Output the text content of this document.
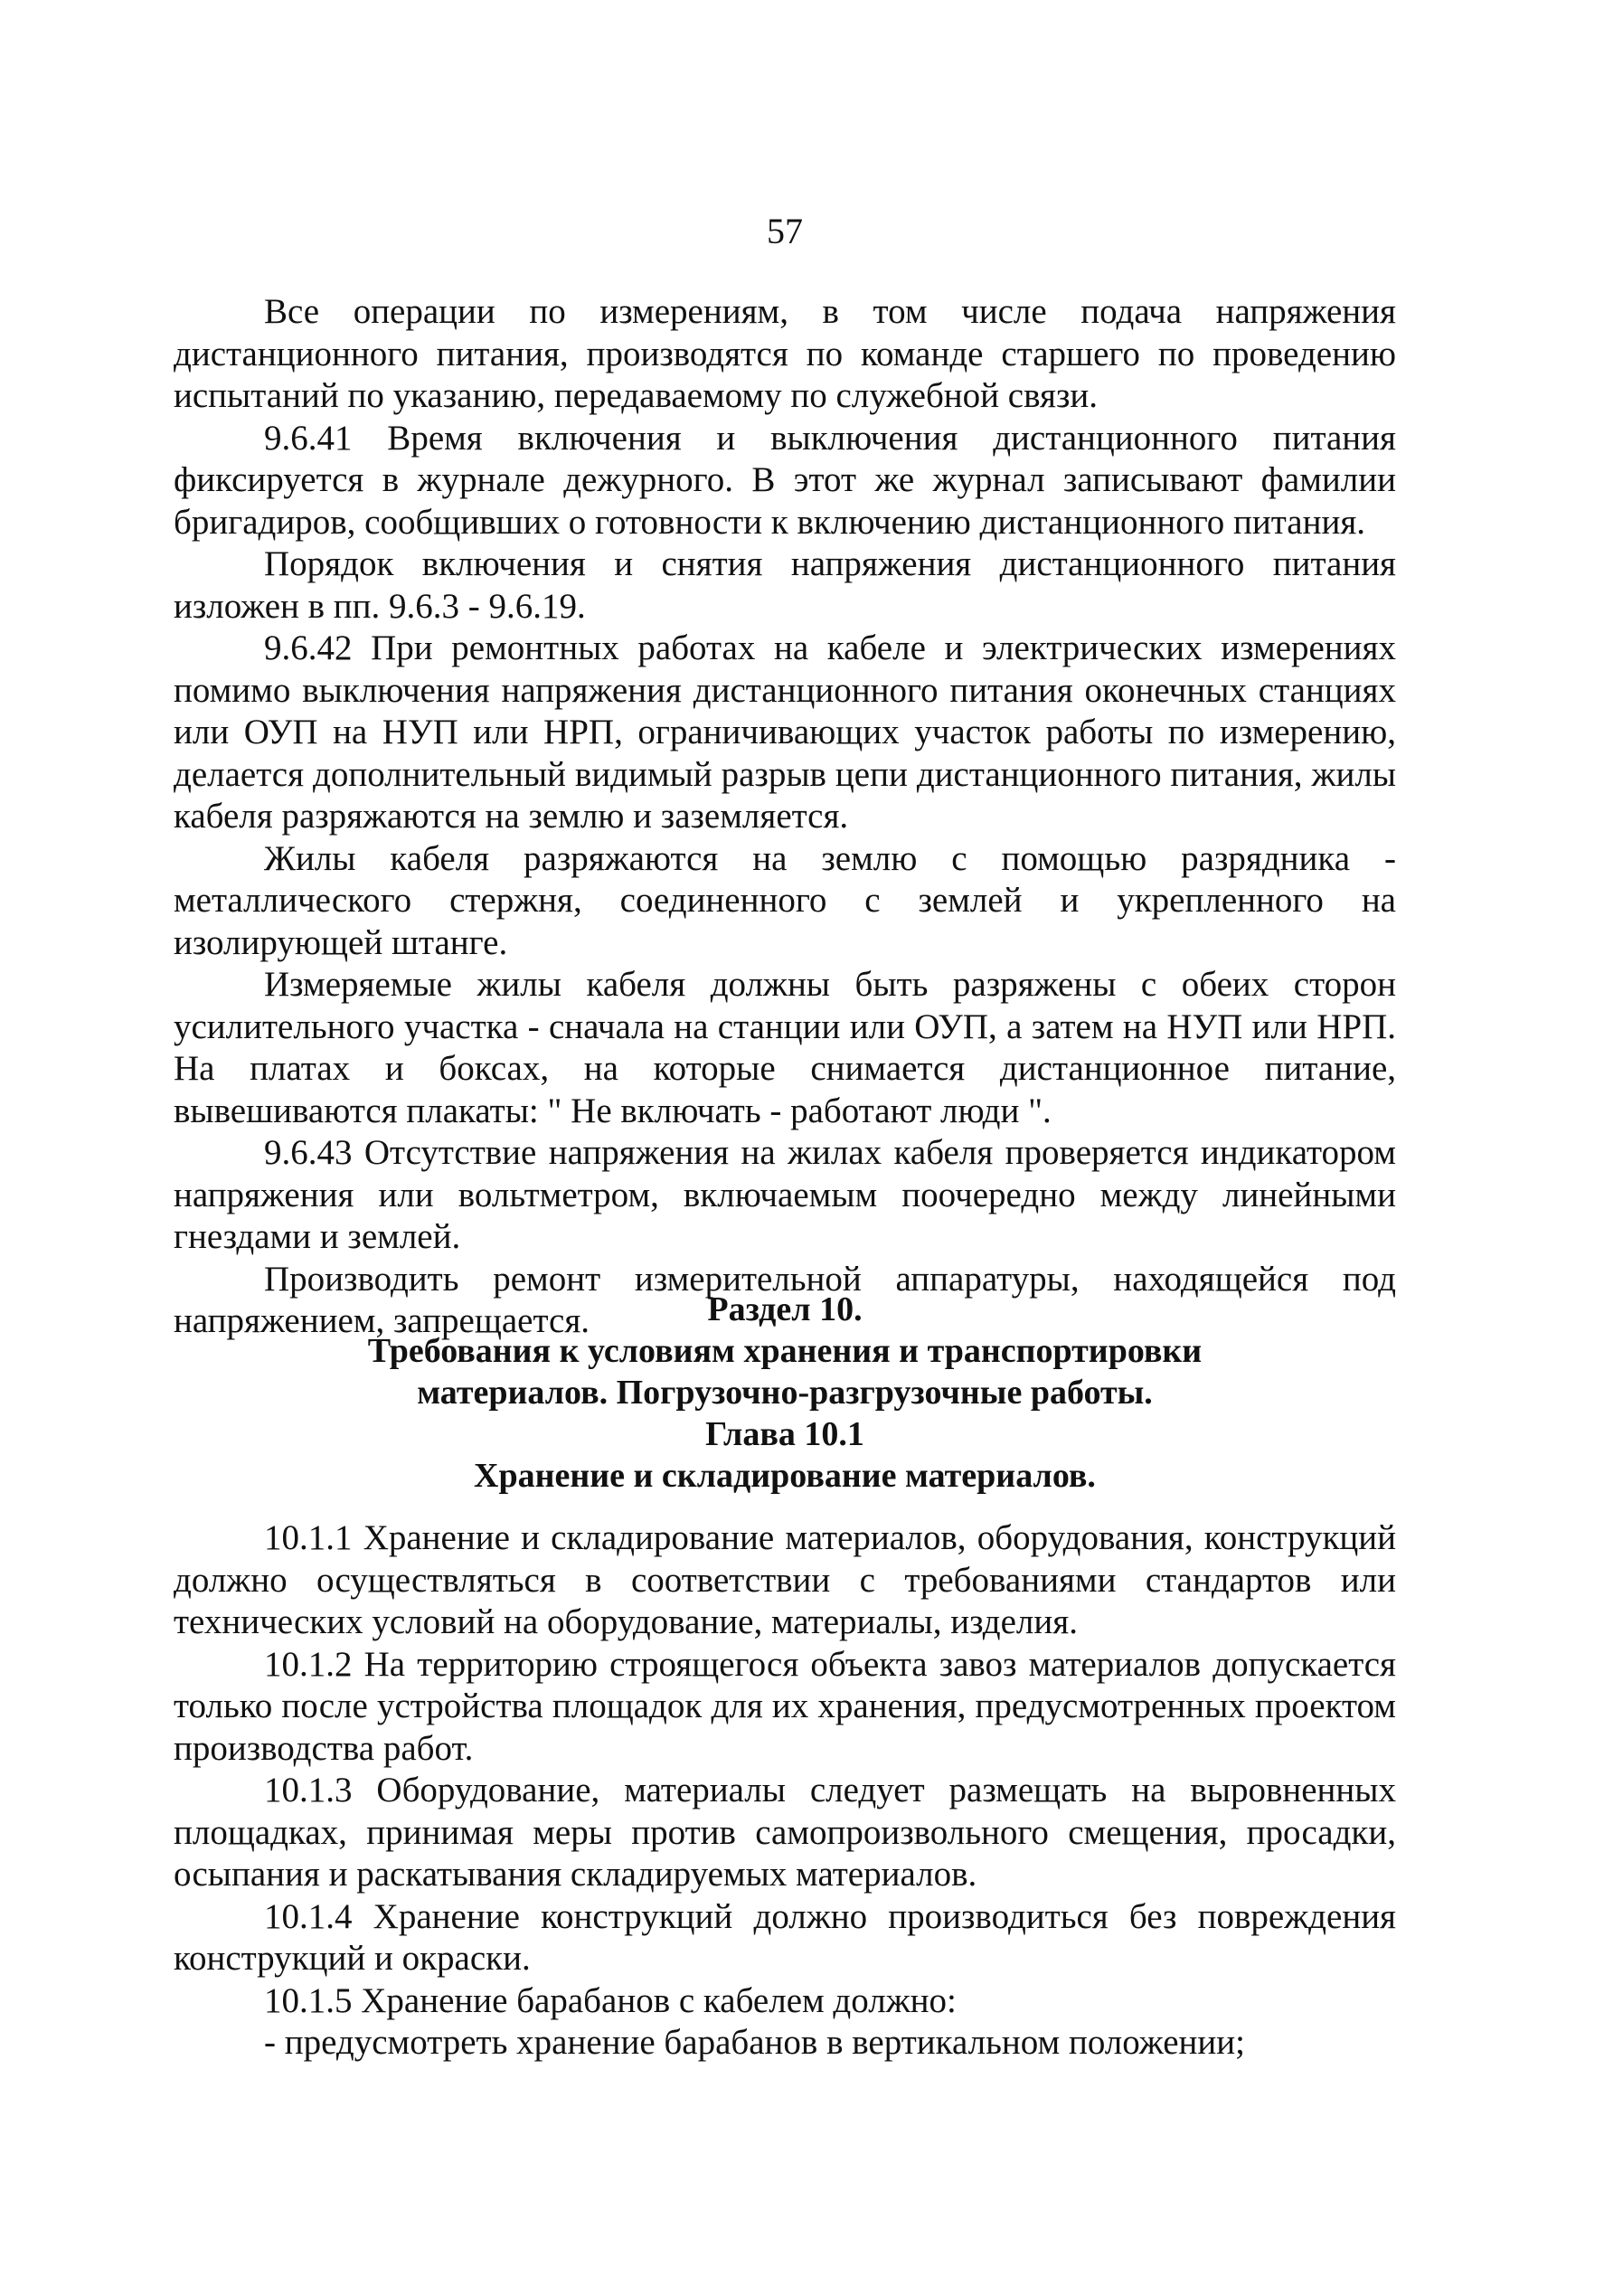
57

Все операции по измерениям, в том числе подача напряжения дистанционного питания, производятся по команде старшего по проведению испытаний по указанию, передаваемому по служебной связи.

9.6.41 Время включения и выключения дистанционного питания фиксируется в журнале дежурного. В этот же журнал записывают фамилии бригадиров, сообщивших о готовности к включению дистанционного питания.

Порядок включения и снятия напряжения дистанционного питания изложен в пп. 9.6.3 - 9.6.19.

9.6.42 При ремонтных работах на кабеле и электрических измерениях помимо выключения напряжения дистанционного питания оконечных станциях или ОУП на НУП или НРП, ограничивающих участок работы по измерению, делается дополнительный видимый разрыв цепи дистанционного питания, жилы кабеля разряжаются на землю и заземляется.

Жилы кабеля разряжаются на землю с помощью разрядника - металлического стержня, соединенного с землей и укрепленного на изолирующей штанге.

Измеряемые жилы кабеля должны быть разряжены с обеих сторон усилительного участка - сначала на станции или ОУП, а затем на НУП или НРП. На платах и боксах, на которые снимается дистанционное питание, вывешиваются плакаты: " Не включать - работают люди ".

9.6.43 Отсутствие напряжения на жилах кабеля проверяется индикатором напряжения или вольтметром, включаемым поочередно между линейными гнездами и землей.

Производить ремонт измерительной аппаратуры, находящейся под напряжением, запрещается.	Раздел 10.

Требования к условиям хранения и транспортировки

материалов. Погрузочно-разгрузочные работы.

Глава 10.1

Хранение и складирование материалов.

10.1.1 Хранение и складирование материалов, оборудования, конструкций должно осуществляться в соответствии с требованиями стандартов или технических условий на оборудование, материалы, изделия.

10.1.2 На территорию строящегося объекта завоз материалов допускается только после устройства площадок для их хранения, предусмотренных проектом производства работ.

10.1.3 Оборудование, материалы следует размещать на выровненных площадках, принимая меры против самопроизвольного смещения, просадки, осыпания и раскатывания складируемых материалов.

10.1.4 Хранение конструкций должно производиться без повреждения конструкций и окраски.

10.1.5 Хранение барабанов с кабелем должно:

- предусмотреть хранение барабанов в вертикальном положении;
